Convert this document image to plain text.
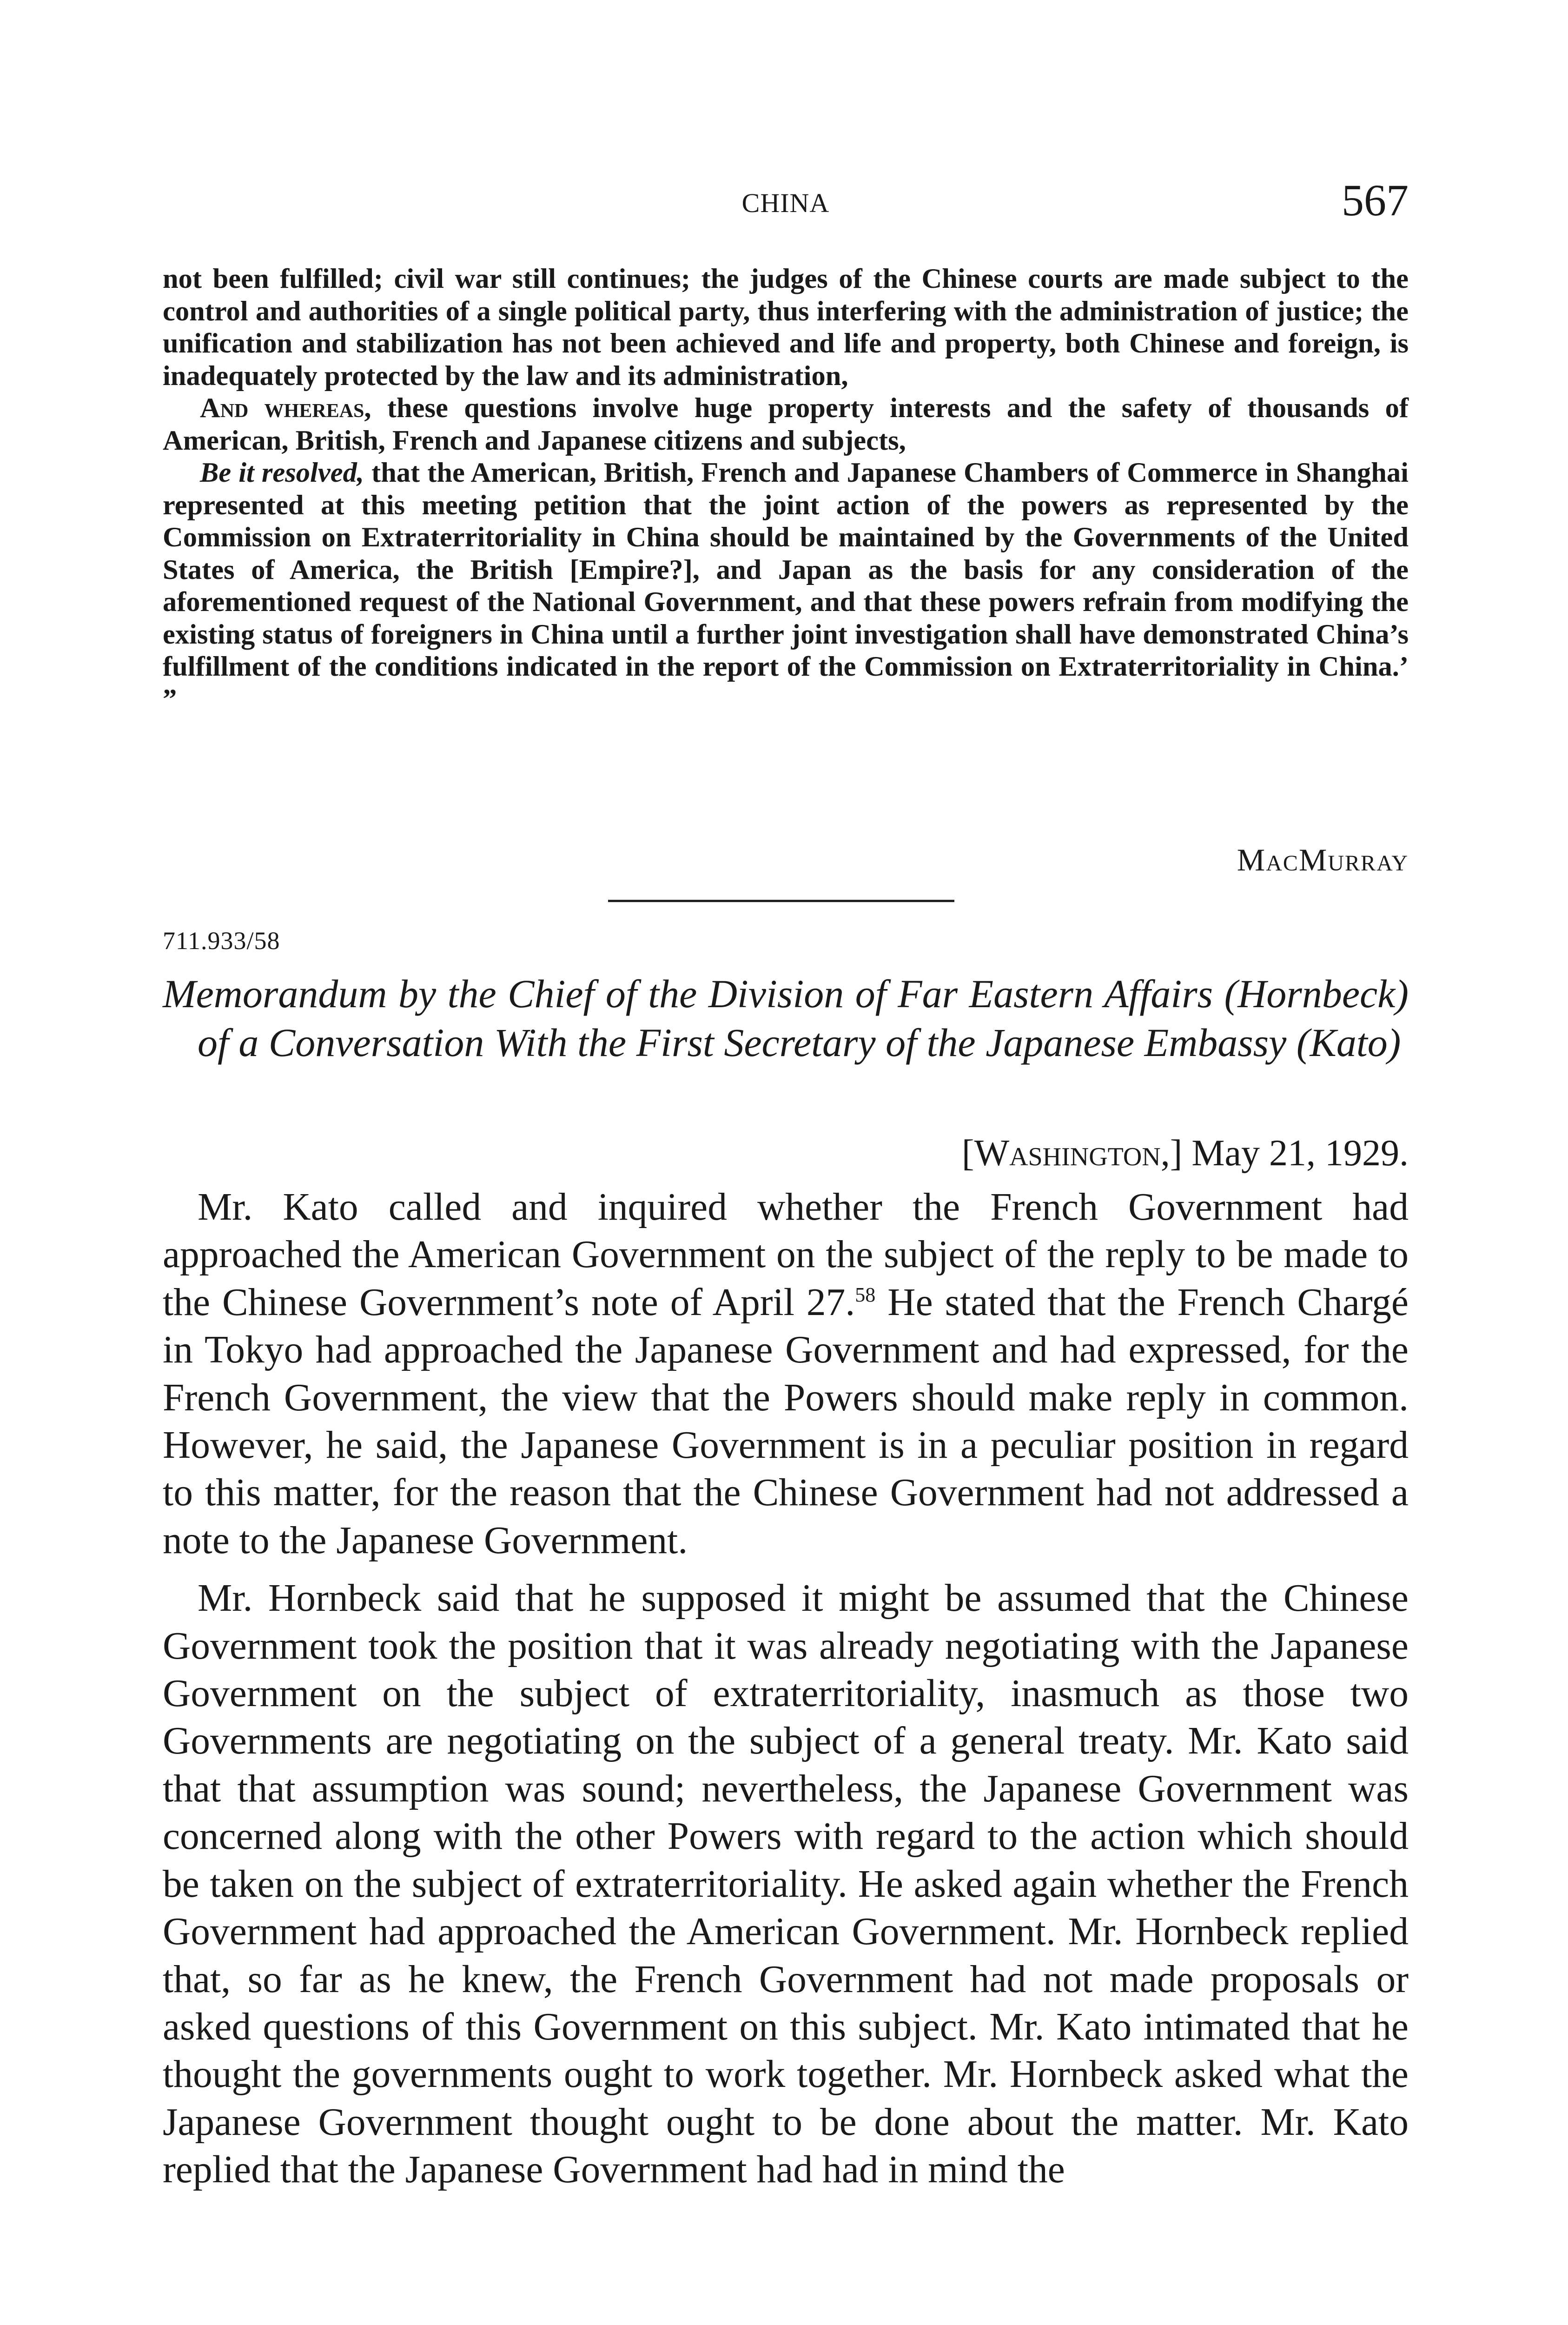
CHINA	567

not been fulfilled; civil war still continues; the judges of the Chinese courts are made subject to the control and authorities of a single political party, thus interfering with the administration of justice; the unification and stabilization has not been achieved and life and property, both Chinese and foreign, is inadequately protected by the law and its administration,

And whereas, these questions involve huge property interests and the safety of thousands of American, British, French and Japanese citizens and subjects,

Be it resolved, that the American, British, French and Japanese Chambers of Commerce in Shanghai represented at this meeting petition that the joint action of the powers as represented by the Commission on Extraterritoriality in China should be maintained by the Governments of the United States of America, the British [Empire?], and Japan as the basis for any consideration of the aforementioned request of the National Government, and that these powers refrain from modifying the existing status of foreigners in China until a further joint investigation shall have demonstrated China’s fulfillment of the conditions indicated in the report of the Commission on Extraterritoriality in China.’ ”

MacMurray
711.933/58
Memorandum by the Chief of the Division of Far Eastern Affairs (Hornbeck) of a Conversation With the First Secretary of the Japanese Embassy (Kato)
[Washington,] May 21, 1929.

Mr. Kato called and inquired whether the French Government had approached the American Government on the subject of the reply to be made to the Chinese Government’s note of April 27.58 He stated that the French Chargé in Tokyo had approached the Japanese Government and had expressed, for the French Government, the view that the Powers should make reply in common. However, he said, the Japanese Government is in a peculiar position in regard to this matter, for the reason that the Chinese Government had not addressed a note to the Japanese Government.

Mr. Hornbeck said that he supposed it might be assumed that the Chinese Government took the position that it was already negotiating with the Japanese Government on the subject of extraterritoriality, inasmuch as those two Governments are negotiating on the subject of a general treaty. Mr. Kato said that that assumption was sound; nevertheless, the Japanese Government was concerned along with the other Powers with regard to the action which should be taken on the subject of extraterritoriality. He asked again whether the French Government had approached the American Government. Mr. Hornbeck replied that, so far as he knew, the French Government had not made proposals or asked questions of this Government on this subject. Mr. Kato intimated that he thought the governments ought to work together. Mr. Hornbeck asked what the Japanese Government thought ought to be done about the matter. Mr. Kato replied that the Japanese Government had had in mind the
